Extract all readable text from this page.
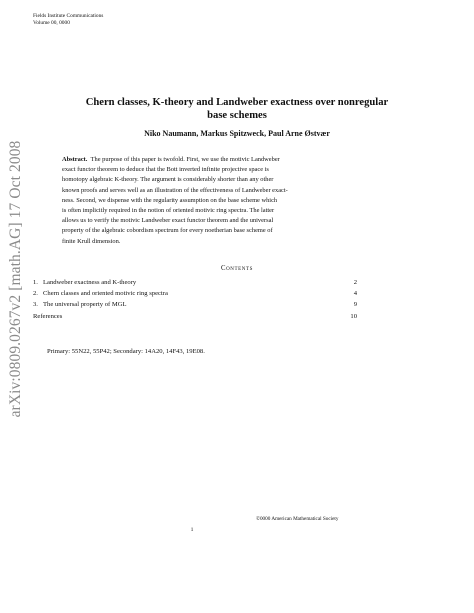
Fields Institute Communications
Volume 00, 0000
arXiv:0809.0267v2 [math.AG] 17 Oct 2008
Chern classes, K-theory and Landweber exactness over nonregular
base schemes
Niko Naumann, Markus Spitzweck, Paul Arne Østvær
Abstract. The purpose of this paper is twofold. First, we use the motivic Landweber
exact functor theorem to deduce that the Bott inverted infinite projective space is
homotopy algebraic K-theory. The argument is considerably shorter than any other
known proofs and serves well as an illustration of the effectiveness of Landweber exact-
ness. Second, we dispense with the regularity assumption on the base scheme which
is often implicitly required in the notion of oriented motivic ring spectra. The latter
allows us to verify the motivic Landweber exact functor theorem and the universal
property of the algebraic cobordism spectrum for every noetherian base scheme of
finite Krull dimension.
Contents
1. Landweber exactness and K-theory	2
2. Chern classes and oriented motivic ring spectra	4
3. The universal property of MGL	9
References	10
Primary: 55N22, 55P42; Secondary: 14A20, 14F43, 19E08.
©0000 American Mathematical Society
1
